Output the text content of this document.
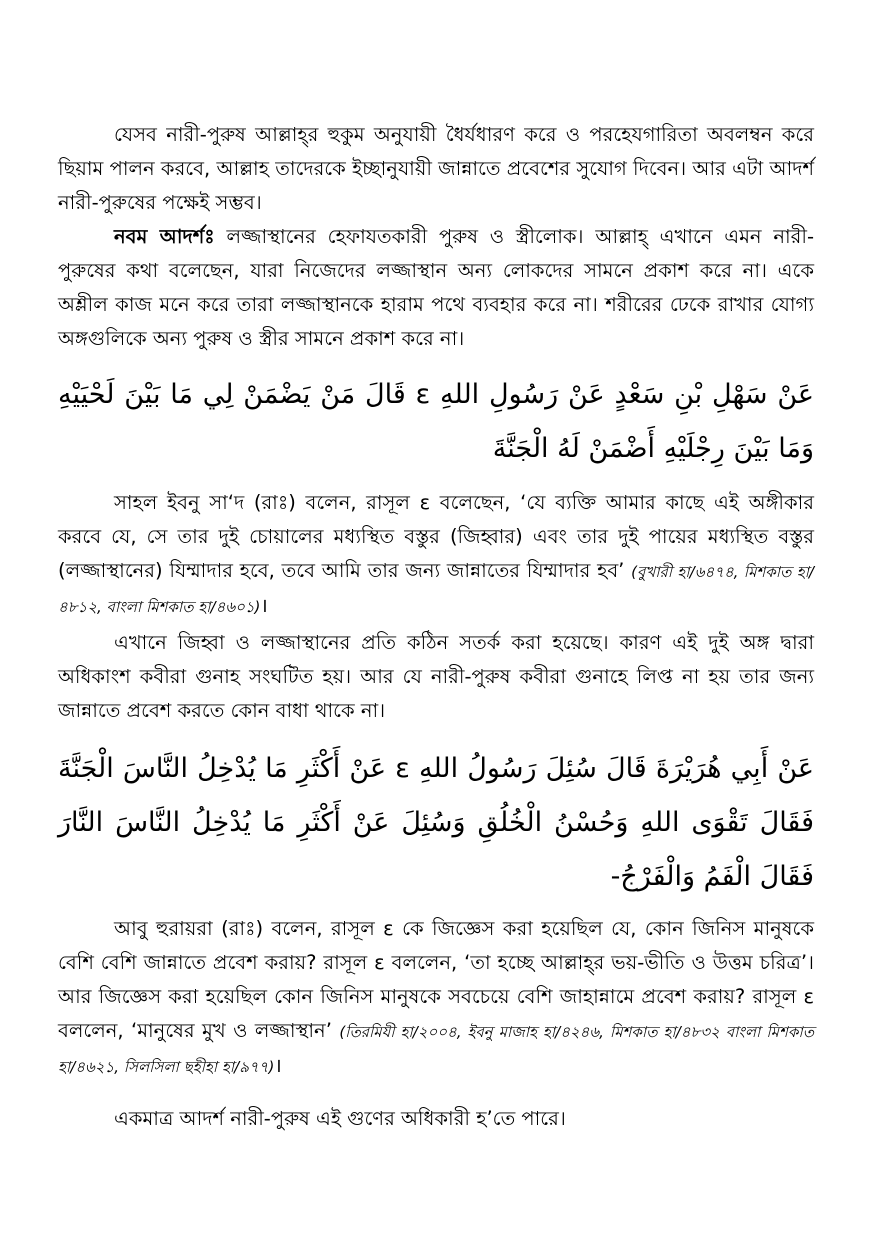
যেসব নারী-পুরুষ আল্লাহ্‌র হুকুম অনুযায়ী ধৈর্যধারণ করে ও পরহেযগারিতা অবলম্বন করে ছিয়াম পালন করবে, আল্লাহ তাদেরকে ইচ্ছানুযায়ী জান্নাতে প্রবেশের সুযোগ দিবেন। আর এটা আদর্শ নারী-পুরুষের পক্ষেই সম্ভব।

নবম আদর্শঃ লজ্জাস্থানের হেফাযতকারী পুরুষ ও স্ত্রীলোক। আল্লাহ্‌ এখানে এমন নারী-পুরুষের কথা বলেছেন, যারা নিজেদের লজ্জাস্থান অন্য লোকদের সামনে প্রকাশ করে না। একে অশ্লীল কাজ মনে করে তারা লজ্জাস্থানকে হারাম পথে ব্যবহার করে না। শরীরের ঢেকে রাখার যোগ্য অঙ্গগুলিকে অন্য পুরুষ ও স্ত্রীর সামনে প্রকাশ করে না।

عَنْ سَهْلِ بْنِ سَعْدٍ عَنْ رَسُولِ اللهِ ε قَالَ مَنْ يَضْمَنْ لِي مَا بَيْنَ لَحْيَيْهِ وَمَا بَيْنَ رِجْلَيْهِ أَضْمَنْ لَهُ الْجَنَّةَ

সাহল ইবনু সা‘দ (রাঃ) বলেন, রাসূল ε বলেছেন, ‘যে ব্যক্তি আমার কাছে এই অঙ্গীকার করবে যে, সে তার দুই চোয়ালের মধ্যস্থিত বস্তুর (জিহ্বার) এবং তার দুই পায়ের মধ্যস্থিত বস্তুর (লজ্জাস্থানের) যিম্মাদার হবে, তবে আমি তার জন্য জান্নাতের যিম্মাদার হব’ (বুখারী হা/৬৪৭৪, মিশকাত হা/৪৮১২, বাংলা মিশকাত হা/৪৬০১)।

এখানে জিহ্বা ও লজ্জাস্থানের প্রতি কঠিন সতর্ক করা হয়েছে। কারণ এই দুই অঙ্গ দ্বারা অধিকাংশ কবীরা গুনাহ সংঘটিত হয়। আর যে নারী-পুরুষ কবীরা গুনাহে লিপ্ত না হয় তার জন্য জান্নাতে প্রবেশ করতে কোন বাধা থাকে না।

عَنْ أَبِي هُرَيْرَةَ قَالَ سُئِلَ رَسُولُ اللهِ ε عَنْ أَكْثَرِ مَا يُدْخِلُ النَّاسَ الْجَنَّةَ فَقَالَ تَقْوَى اللهِ وَحُسْنُ الْخُلُقِ وَسُئِلَ عَنْ أَكْثَرِ مَا يُدْخِلُ النَّاسَ النَّارَ فَقَالَ الْفَمُ وَالْفَرْجُ-

আবু হুরায়রা (রাঃ) বলেন, রাসূল ε কে জিজ্ঞেস করা হয়েছিল যে, কোন জিনিস মানুষকে বেশি বেশি জান্নাতে প্রবেশ করায়? রাসূল ε বললেন, ‘তা হচ্ছে আল্লাহ্‌র ভয়-ভীতি ও উত্তম চরিত্র’। আর জিজ্ঞেস করা হয়েছিল কোন জিনিস মানুষকে সবচেয়ে বেশি জাহান্নামে প্রবেশ করায়? রাসূল ε বললেন, ‘মানুষের মুখ ও লজ্জাস্থান’ (তিরমিযী হা/২০০৪, ইবনু মাজাহ হা/৪২৪৬, মিশকাত হা/৪৮৩২ বাংলা মিশকাত হা/৪৬২১, সিলসিলা ছহীহা হা/৯৭৭)।

একমাত্র আদর্শ নারী-পুরুষ এই গুণের অধিকারী হ’তে পারে।
